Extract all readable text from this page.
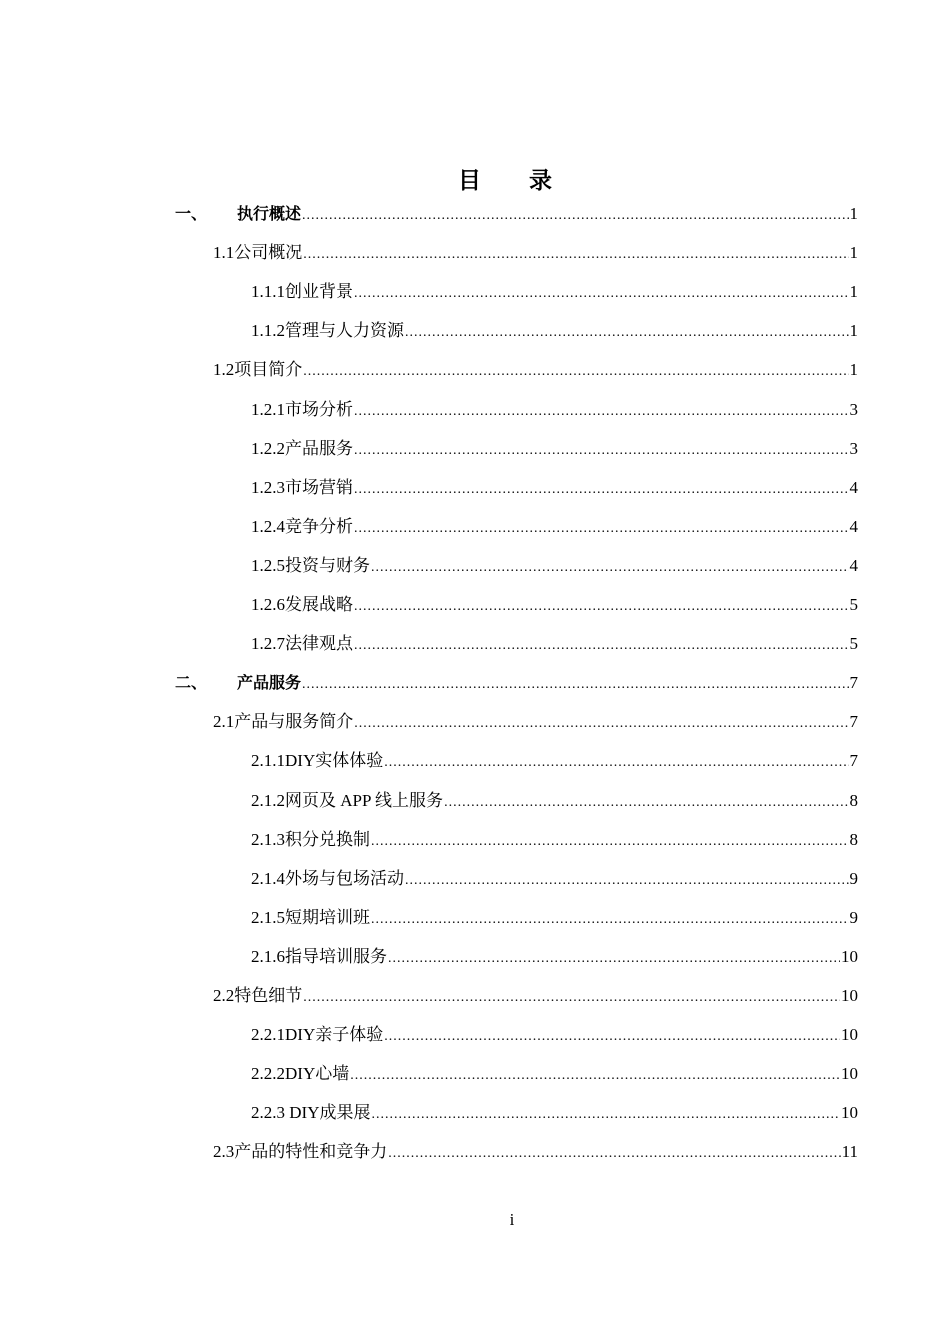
目 录
一、	执行概述 .....	1
1.1 公司概况 .....	1
1.1.1 创业背景 .....	1
1.1.2 管理与人力资源 .....	1
1.2 项目简介 .....	1
1.2.1 市场分析 .....	3
1.2.2 产品服务 .....	3
1.2.3 市场营销 .....	4
1.2.4 竞争分析 .....	4
1.2.5 投资与财务 .....	4
1.2.6 发展战略 .....	5
1.2.7 法律观点 .....	5
二、	产品服务 .....	7
2.1 产品与服务简介 .....	7
2.1.1DIY 实体体验 .....	7
2.1.2 网页及 APP 线上服务 .....	8
2.1.3 积分兑换制 .....	8
2.1.4 外场与包场活动 .....	9
2.1.5 短期培训班 .....	9
2.1.6 指导培训服务 .....	10
2.2 特色细节 .....	10
2.2.1DIY 亲子体验 .....	10
2.2.2DIY 心墙 .....	10
2.2.3 DIY 成果展 .....	10
2.3 产品的特性和竞争力 .....	11
i
